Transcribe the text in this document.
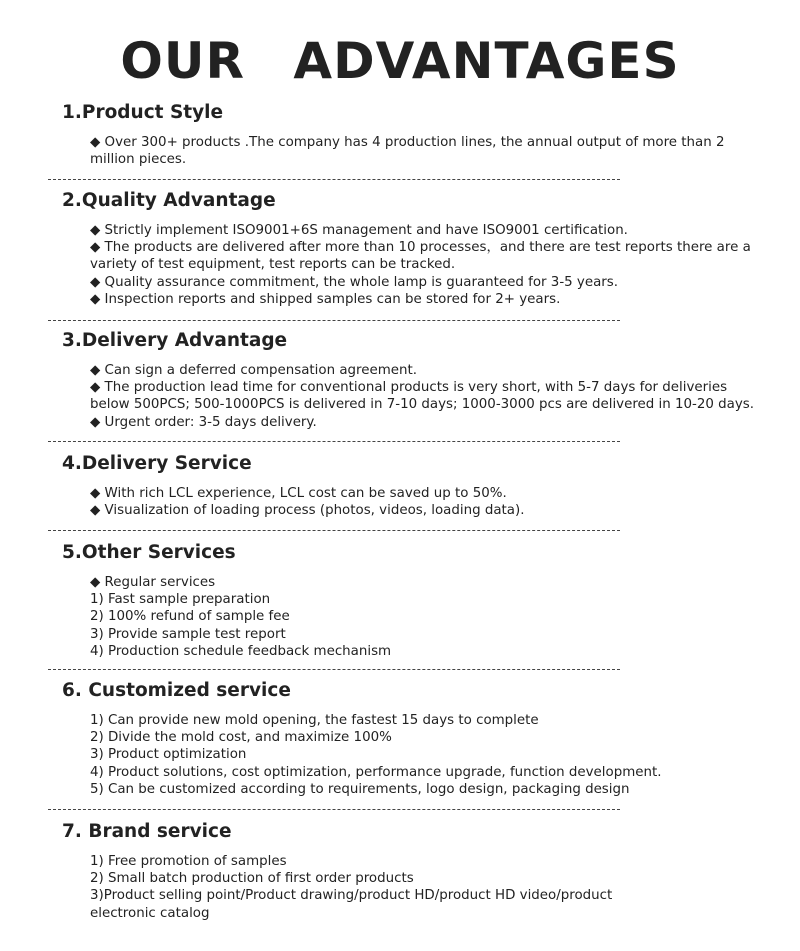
OUR ADVANTAGES
1.Product Style
◆ Over 300+ products .The company has 4 production lines, the annual output of more than 2 million pieces.
2.Quality Advantage
◆ Strictly implement ISO9001+6S management and have ISO9001 certification.
◆ The products are delivered after more than 10 processes，and there are test reports there are a variety of test equipment, test reports can be tracked.
◆ Quality assurance commitment, the whole lamp is guaranteed for 3-5 years.
◆ Inspection reports and shipped samples can be stored for 2+ years.
3.Delivery Advantage
◆ Can sign a deferred compensation agreement.
◆ The production lead time for conventional products is very short, with 5-7 days for deliveries below 500PCS; 500-1000PCS is delivered in 7-10 days; 1000-3000 pcs are delivered in 10-20 days.
◆ Urgent order: 3-5 days delivery.
4.Delivery Service
◆ With rich LCL experience, LCL cost can be saved up to 50%.
◆ Visualization of loading process (photos, videos, loading data).
5.Other Services
◆ Regular services
1) Fast sample preparation
2) 100% refund of sample fee
3) Provide sample test report
4) Production schedule feedback mechanism
6. Customized service
1) Can provide new mold opening, the fastest 15 days to complete
2) Divide the mold cost, and maximize 100%
3) Product optimization
4) Product solutions, cost optimization, performance upgrade, function development.
5) Can be customized according to requirements, logo design, packaging design
7. Brand service
1) Free promotion of samples
2) Small batch production of first order products
3)Product selling point/Product drawing/product HD/product HD video/product electronic catalog
